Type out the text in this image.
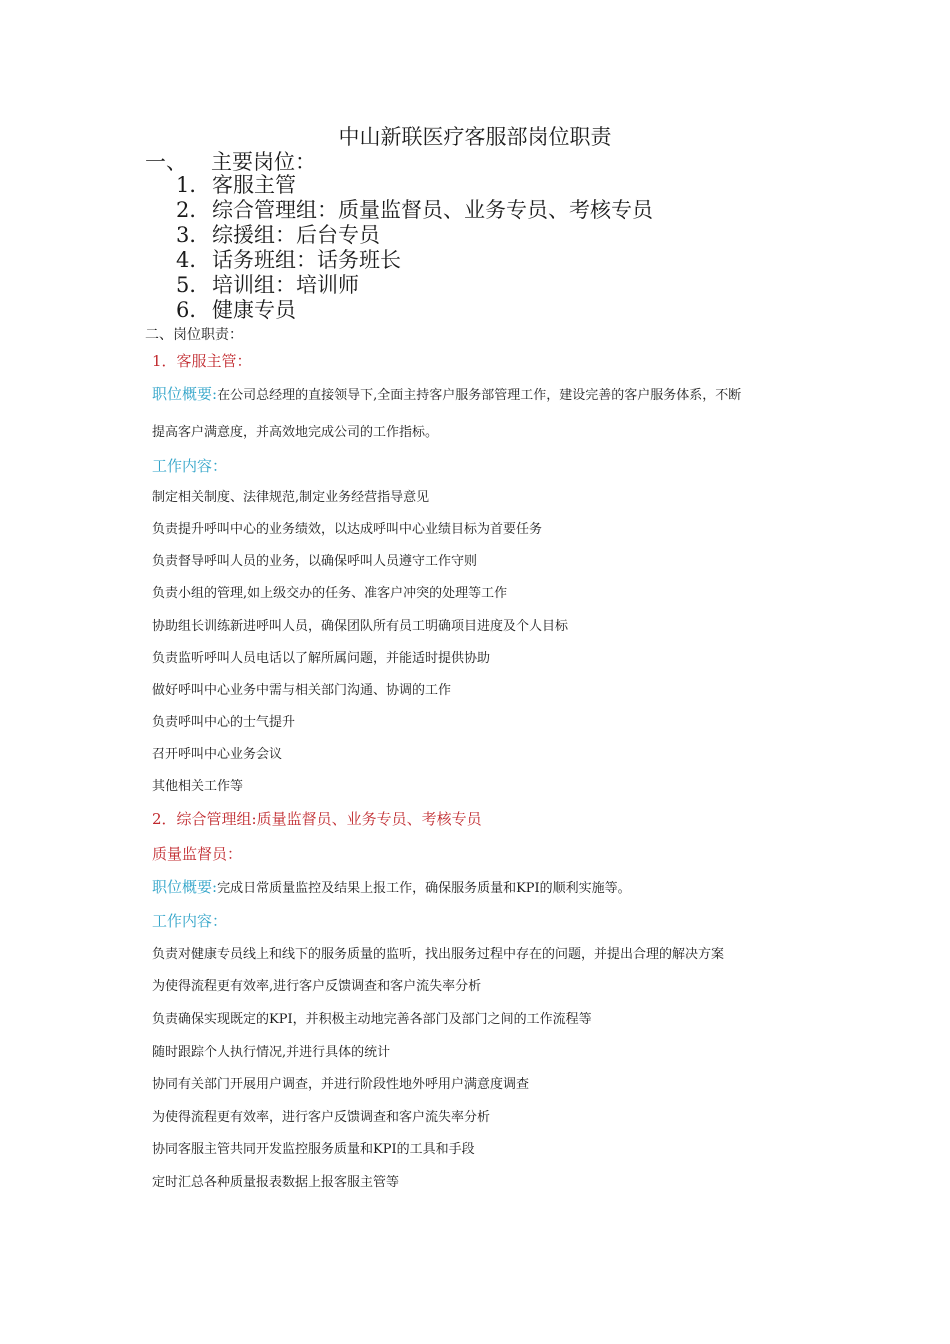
中山新联医疗客服部岗位职责
一、 主要岗位：
1．客服主管
2．综合管理组：质量监督员、业务专员、考核专员
3．综援组：后台专员
4．话务班组：话务班长
5．培训组：培训师
6．健康专员
二、岗位职责：
1．客服主管：
职位概要:在公司总经理的直接领导下,全面主持客户服务部管理工作，建设完善的客户服务体系，不断
提高客户满意度，并高效地完成公司的工作指标。
工作内容：
制定相关制度、法律规范,制定业务经营指导意见
负责提升呼叫中心的业务绩效，以达成呼叫中心业绩目标为首要任务
负责督导呼叫人员的业务，以确保呼叫人员遵守工作守则
负责小组的管理,如上级交办的任务、准客户冲突的处理等工作
协助组长训练新进呼叫人员，确保团队所有员工明确项目进度及个人目标
负责监听呼叫人员电话以了解所属问题，并能适时提供协助
做好呼叫中心业务中需与相关部门沟通、协调的工作
负责呼叫中心的士气提升
召开呼叫中心业务会议
其他相关工作等
2．综合管理组:质量监督员、业务专员、考核专员
质量监督员：
职位概要:完成日常质量监控及结果上报工作，确保服务质量和KPI的顺利实施等。
工作内容：
负责对健康专员线上和线下的服务质量的监听，找出服务过程中存在的问题，并提出合理的解决方案
为使得流程更有效率,进行客户反馈调查和客户流失率分析
负责确保实现既定的KPI，并积极主动地完善各部门及部门之间的工作流程等
随时跟踪个人执行情况,并进行具体的统计
协同有关部门开展用户调查，并进行阶段性地外呼用户满意度调查
为使得流程更有效率，进行客户反馈调查和客户流失率分析
协同客服主管共同开发监控服务质量和KPI的工具和手段
定时汇总各种质量报表数据上报客服主管等
